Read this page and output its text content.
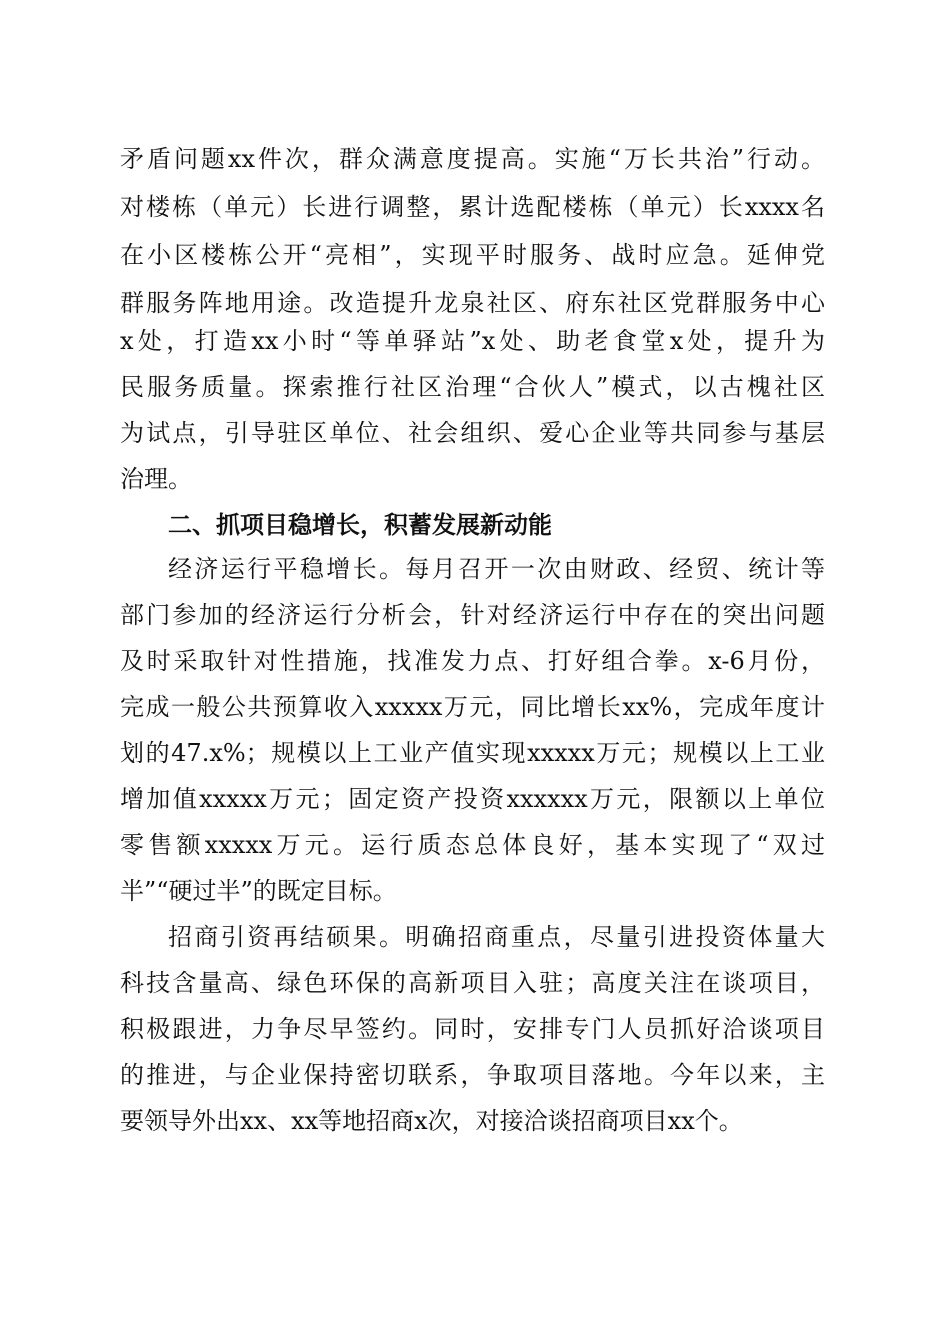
矛盾问题xx件次，群众满意度提高。实施“万长共治”行动。
对楼栋（单元）长进行调整，累计选配楼栋（单元）长xxxx名
在小区楼栋公开“亮相”，实现平时服务、战时应急。延伸党
群服务阵地用途。改造提升龙泉社区、府东社区党群服务中心
x处，打造xx小时“等单驿站”x处、助老食堂x处，提升为
民服务质量。探索推行社区治理“合伙人”模式，以古槐社区
为试点，引导驻区单位、社会组织、爱心企业等共同参与基层
治理。
二、抓项目稳增长，积蓄发展新动能
经济运行平稳增长。每月召开一次由财政、经贸、统计等
部门参加的经济运行分析会，针对经济运行中存在的突出问题
及时采取针对性措施，找准发力点、打好组合拳。x-6月份，
完成一般公共预算收入xxxxx万元，同比增长xx%，完成年度计
划的47.x%；规模以上工业产值实现xxxxx万元；规模以上工业
增加值xxxxx万元；固定资产投资xxxxxx万元，限额以上单位
零售额xxxxx万元。运行质态总体良好，基本实现了“双过
半”“硬过半”的既定目标。
招商引资再结硕果。明确招商重点，尽量引进投资体量大
科技含量高、绿色环保的高新项目入驻；高度关注在谈项目，
积极跟进，力争尽早签约。同时，安排专门人员抓好洽谈项目
的推进，与企业保持密切联系，争取项目落地。今年以来，主
要领导外出xx、xx等地招商x次，对接洽谈招商项目xx个。
